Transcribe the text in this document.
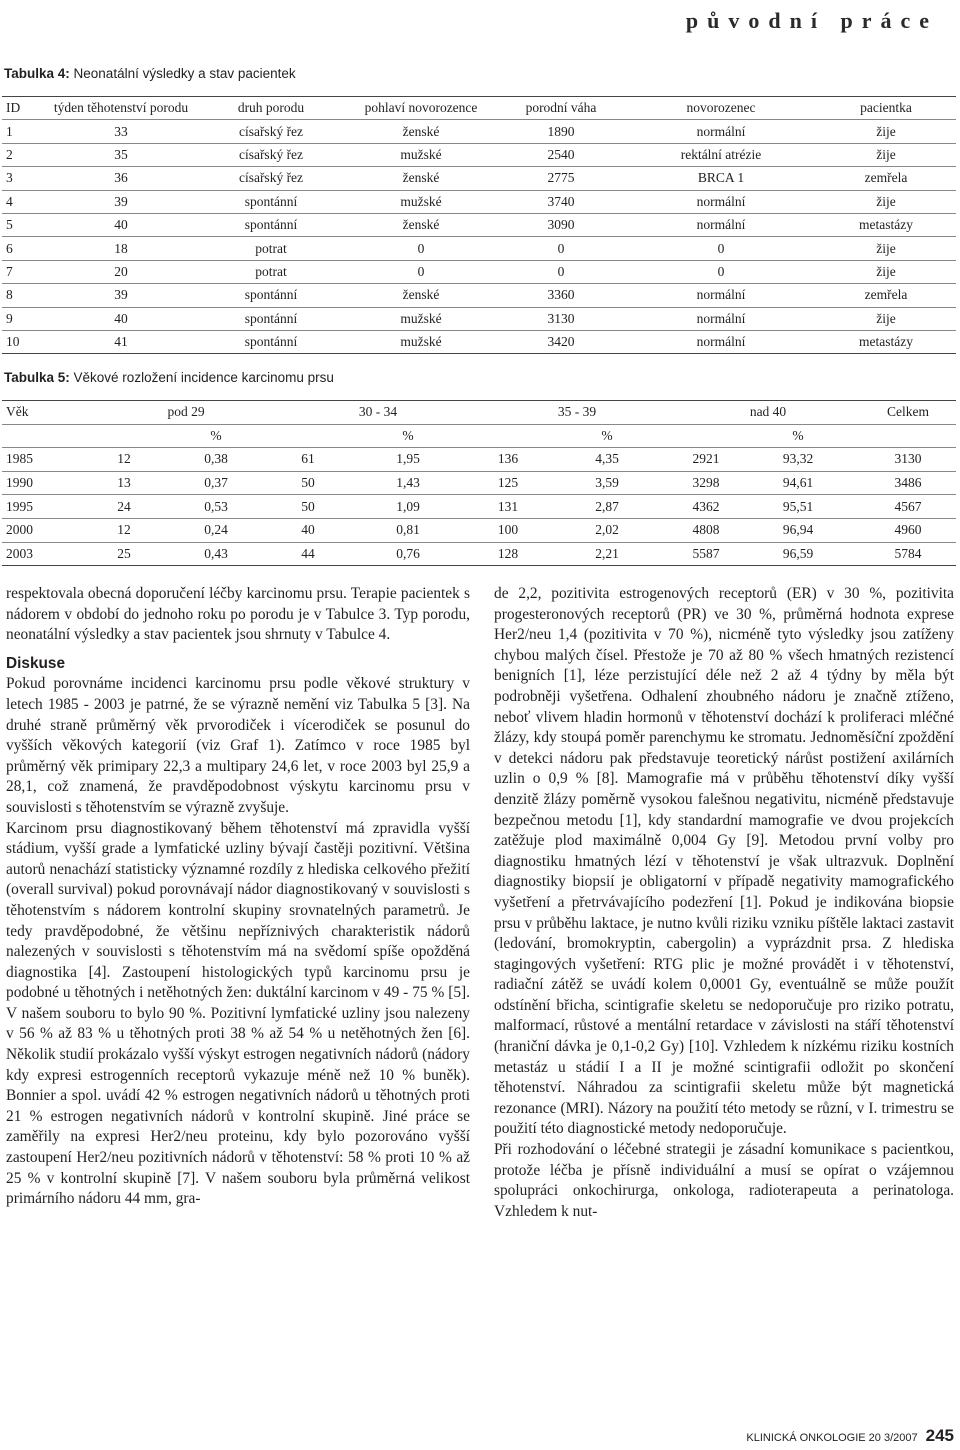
původní práce
Tabulka 4: Neonatální výsledky a stav pacientek
ID	týden těhotenství porodu	druh porodu	pohlaví novorozence	porodní váha	novorozenec	pacientka
1	33	císařský řez	ženské	1890	normální	žije
2	35	císařský řez	mužské	2540	rektální atrézie	žije
3	36	císařský řez	ženské	2775	BRCA 1	zemřela
4	39	spontánní	mužské	3740	normální	žije
5	40	spontánní	ženské	3090	normální	metastázy
6	18	potrat	0	0	0	žije
7	20	potrat	0	0	0	žije
8	39	spontánní	ženské	3360	normální	zemřela
9	40	spontánní	mužské	3130	normální	žije
10	41	spontánní	mužské	3420	normální	metastázy
Tabulka 5: Věkové rozložení incidence karcinomu prsu
Věk	pod 29		30 - 34		35 - 39		nad 40		Celkem
		%		%		%		%	
1985	12	0,38	61	1,95	136	4,35	2921	93,32	3130
1990	13	0,37	50	1,43	125	3,59	3298	94,61	3486
1995	24	0,53	50	1,09	131	2,87	4362	95,51	4567
2000	12	0,24	40	0,81	100	2,02	4808	96,94	4960
2003	25	0,43	44	0,76	128	2,21	5587	96,59	5784

respektovala obecná doporučení léčby karcinomu prsu. Terapie pacientek s nádorem v období do jednoho roku po porodu je v Tabulce 3. Typ porodu, neonatální výsledky a stav pacientek jsou shrnuty v Tabulce 4.

Diskuse

Pokud porovnáme incidenci karcinomu prsu podle věkové struktury v letech 1985 - 2003 je patrné, že se výrazně nemění viz Tabulka 5 [3]. Na druhé straně průměrný věk prvorodiček i vícerodiček se posunul do vyšších věkových kategorií (viz Graf 1). Zatímco v roce 1985 byl průměrný věk primipary 22,3 a multipary 24,6 let, v roce 2003 byl 25,9 a 28,1, což znamená, že pravděpodobnost výskytu karcinomu prsu v souvislosti s těhotenstvím se výrazně zvyšuje.

Karcinom prsu diagnostikovaný během těhotenství má zpravidla vyšší stádium, vyšší grade a lymfatické uzliny bývají častěji pozitivní. Většina autorů nenachází statisticky významné rozdíly z hlediska celkového přežití (overall survival) pokud porovnávají nádor diagnostikovaný v souvislosti s těhotenstvím s nádorem kontrolní skupiny srovnatelných parametrů. Je tedy pravděpodobné, že většinu nepříznivých charakteristik nádorů nalezených v souvislosti s těhotenstvím má na svědomí spíše opožděná diagnostika [4]. Zastoupení histologických typů karcinomu prsu je podobné u těhotných i netěhotných žen: duktální karcinom v 49 - 75 % [5]. V našem souboru to bylo 90 %. Pozitivní lymfatické uzliny jsou nalezeny v 56 % až 83 % u těhotných proti 38 % až 54 % u netěhotných žen [6]. Několik studií prokázalo vyšší výskyt estrogen negativních nádorů (nádory kdy expresi estrogenních receptorů vykazuje méně než 10 % buněk). Bonnier a spol. uvádí 42 % estrogen negativních nádorů u těhotných proti 21 % estrogen negativních nádorů v kontrolní skupině. Jiné práce se zaměřily na expresi Her2/neu proteinu, kdy bylo pozorováno vyšší zastoupení Her2/neu pozitivních nádorů v těhotenství: 58 % proti 10 % až 25 % v kontrolní skupině [7]. V našem souboru byla průměrná velikost primárního nádoru 44 mm, gra-

de 2,2, pozitivita estrogenových receptorů (ER) v 30 %, pozitivita progesteronových receptorů (PR) ve 30 %, průměrná hodnota exprese Her2/neu 1,4 (pozitivita v 70 %), nicméně tyto výsledky jsou zatíženy chybou malých čísel. Přestože je 70 až 80 % všech hmatných rezistencí benigních [1], léze perzistující déle než 2 až 4 týdny by měla být podrobněji vyšetřena. Odhalení zhoubného nádoru je značně ztíženo, neboť vlivem hladin hormonů v těhotenství dochází k proliferaci mléčné žlázy, kdy stoupá poměr parenchymu ke stromatu. Jednoměsíční zpoždění v detekci nádoru pak představuje teoretický nárůst postižení axilárních uzlin o 0,9 % [8]. Mamografie má v průběhu těhotenství díky vyšší denzitě žlázy poměrně vysokou falešnou negativitu, nicméně představuje bezpečnou metodu [1], kdy standardní mamografie ve dvou projekcích zatěžuje plod maximálně 0,004 Gy [9]. Metodou první volby pro diagnostiku hmatných lézí v těhotenství je však ultrazvuk. Doplnění diagnostiky biopsií je obligatorní v případě negativity mamografického vyšetření a přetrvávajícího podezření [1]. Pokud je indikována biopsie prsu v průběhu laktace, je nutno kvůli riziku vzniku píštěle laktaci zastavit (ledování, bromokryptin, cabergolin) a vyprázdnit prsa. Z hlediska stagingových vyšetření: RTG plic je možné provádět i v těhotenství, radiační zátěž se uvádí kolem 0,0001 Gy, eventuálně se může použít odstínění břicha, scintigrafie skeletu se nedoporučuje pro riziko potratu, malformací, růstové a mentální retardace v závislosti na stáří těhotenství (hraniční dávka je 0,1-0,2 Gy) [10]. Vzhledem k nízkému riziku kostních metastáz u stádií I a II je možné scintigrafii odložit po skončení těhotenství. Náhradou za scintigrafii skeletu může být magnetická rezonance (MRI). Názory na použití této metody se různí, v I. trimestru se použití této diagnostické metody nedoporučuje.

Při rozhodování o léčebné strategii je zásadní komunikace s pacientkou, protože léčba je přísně individuální a musí se opírat o vzájemnou spolupráci onkochirurga, onkologa, radioterapeuta a perinatologa. Vzhledem k nut-

KLINICKÁ ONKOLOGIE 20 3/2007 245
